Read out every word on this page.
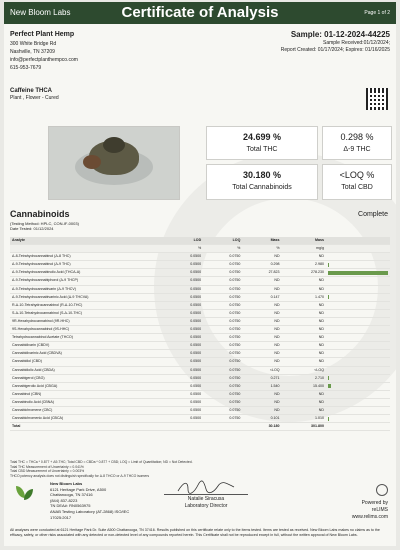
New Bloom Labs	Certificate of Analysis	Page 1 of 2
Perfect Plant Hemp
300 White Bridge Rd
Nashville, TN 37209
info@perfectplanthempco.com
615-953-7679
Sample: 01-12-2024-44225
Sample Received:01/12/2024;
Report Created: 01/17/2024; Expires: 01/16/2025
Caffeine THCA
Plant , Flower - Cured
24.699 %
Total THC
0.298 %
Δ-9 THC
30.180 %
Total Cannabinoids
<LOQ %
Total CBD
Cannabinoids
(Testing Method: HPLC, CON-IF-0003)
Date Tested: 01/12/2024
Complete
Analyte	LOD	LOQ	Mass	Mass	
	%	%	%	mg/g	
Δ-8-Tetrahydrocannabinol (Δ-8 THC)	0.0500	0.0750	ND	ND	

Δ-9-Tetrahydrocannabinol (Δ-9 THC)	0.0500	0.0750	0.298	2.980	

Δ-9-Tetrahydrocannabinolic Acid (THCA-A)	0.0500	0.0750	27.823	278.230	

Δ-9-Tetrahydrocannabiphorol (Δ-9 THCP)	0.0500	0.0750	ND	ND	

Δ-9-Tetrahydrocannabivarin (Δ-9 THCV)	0.0500	0.0750	ND	ND	

Δ-9-Tetrahydrocannabivarinic Acid (Δ-9 THCVA)	0.0500	0.0750	0.147	1.470	

R-Δ-10-Tetrahydrocannabinol (R-Δ-10-THC)	0.0500	0.0750	ND	ND	

S-Δ-10-Tetrahydrocannabinol (S-Δ-10-THC)	0.0500	0.0750	ND	ND	

9R-Hexahydrocannabinol (9R-HHC)	0.0500	0.0750	ND	ND	

9S-Hexahydrocannabinol (9S-HHC)	0.0500	0.0750	ND	ND	

Tetrahydrocannabinol Acetate (THCO)	0.0500	0.0750	ND	ND	

Cannabidivarin (CBDV)	0.0500	0.0750	ND	ND	

Cannabidivarinic Acid (CBDVA)	0.0500	0.0750	ND	ND	

Cannabidiol (CBD)	0.0500	0.0750	ND	ND	

Cannabidiolic Acid (CBDA)	0.0500	0.0750	<LOQ	<LOQ	

Cannabigerol (CBG)	0.0500	0.0750	0.271	2.710	

Cannabigerolic Acid (CBGA)	0.0500	0.0750	1.540	15.400	

Cannabinol (CBN)	0.0500	0.0750	ND	ND	

Cannabinolic Acid (CBNA)	0.0500	0.0750	ND	ND	

Cannabichromene (CBC)	0.0500	0.0750	ND	ND	

Cannabichromenic Acid (CBCA)	0.0500	0.0750	0.101	1.010	

Total			30.180	301.800	
Total THC = THCa * 0.877 + Δ9-THC; Total CBD = CBDa * 0.877 + CBD; LOQ = Limit of Quantitation; ND = Not Detected.
Total THC Measurement of Uncertainty = 0.041%
Total CBD Measurement of Uncertainty = 0.003%
THCO potency analysis does not distinguish specifically for Δ-8 THCO or Δ-9 THCO isomers
New Bloom Labs
6121 Heritage Park Drive, A500
Chattanooga, TN 37416
(844) 837-8223
TN DEA#: RN0563975
ANAB Testing Laboratory (AT-2868) ISO/IEC
17025:2017
Natalie Siracusa
Laboratory Director	Powered by
reLIMS
www.relims.com
All analyses were conducted at 6121 Heritage Park Dr. Suite A500 Chattanooga, TN 37416. Results published on this certificate relate only to the items tested. Items are tested as received. New Bloom Labs makes no claims as to the efficacy, safety, or other risks associated with any detected or non-detected level of any compounds reported herein. This Certificate shall not be reproduced except in full, without the written approval of New Bloom Labs.
